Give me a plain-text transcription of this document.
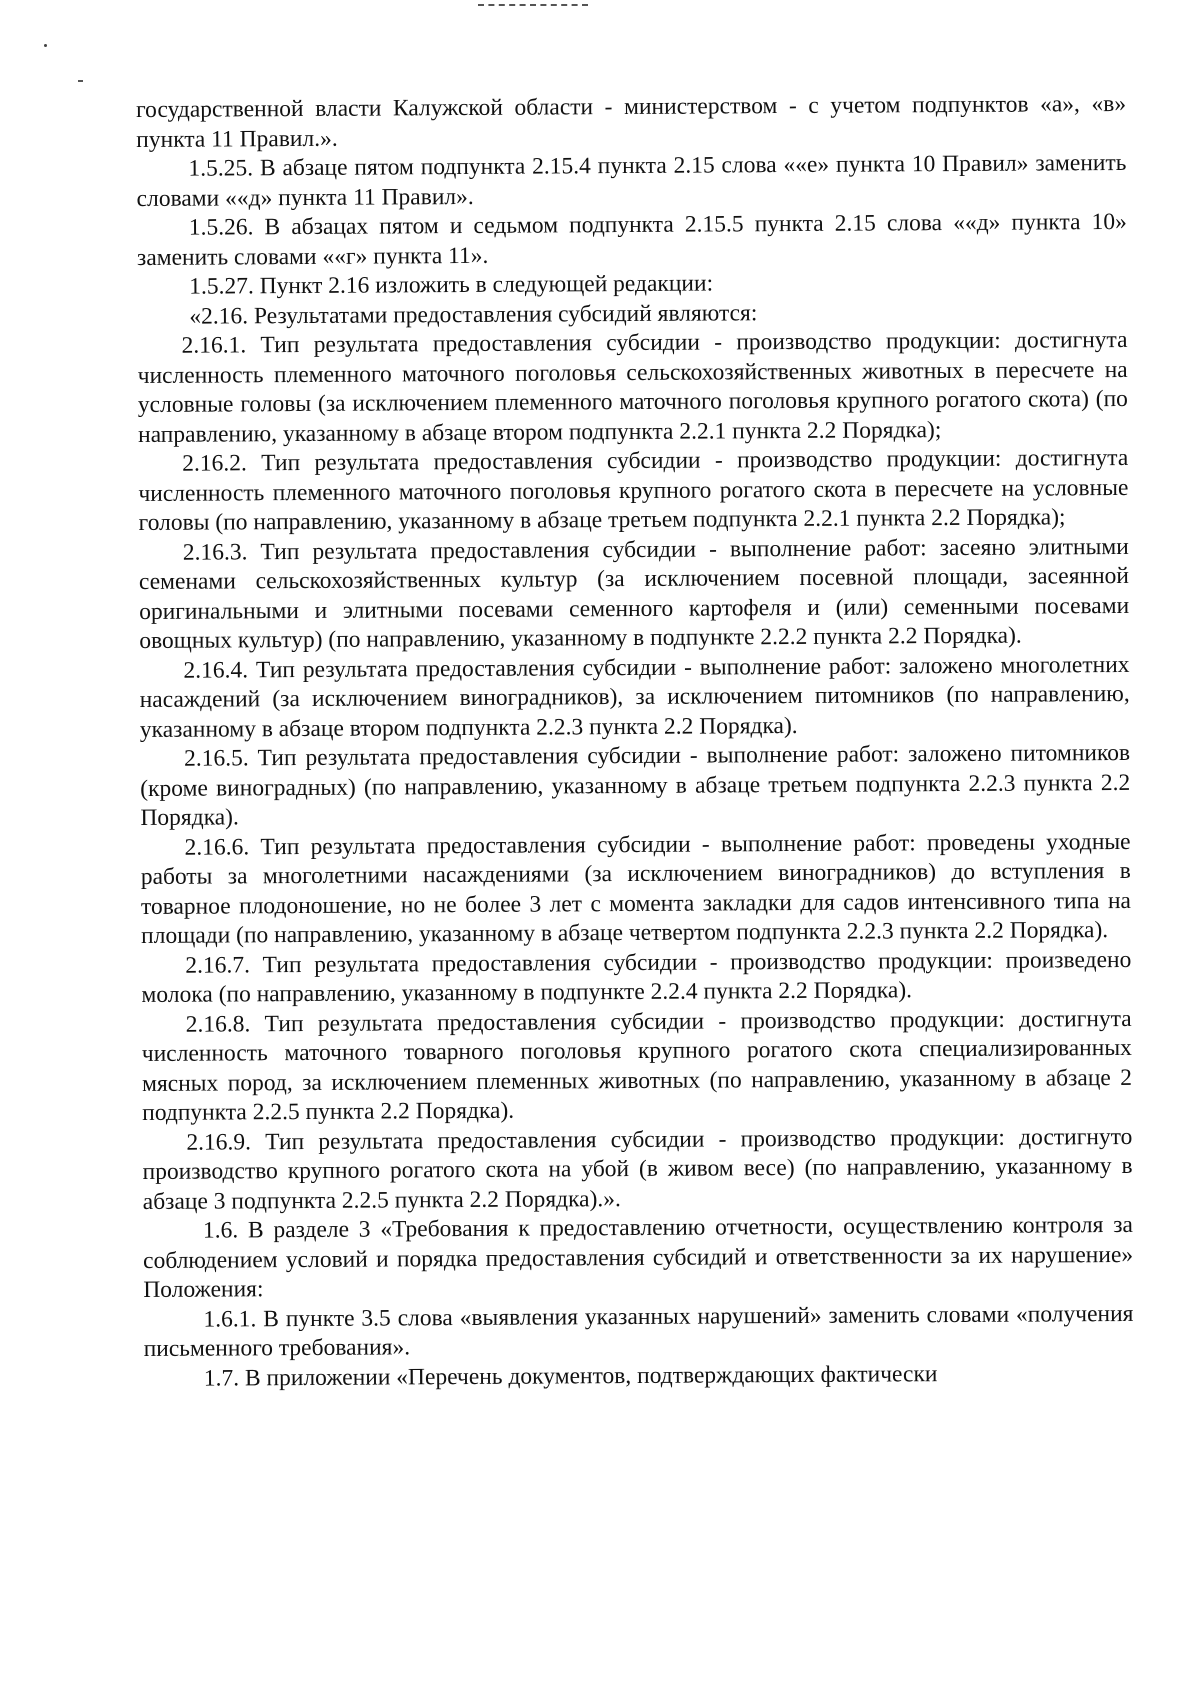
государственной власти Калужской области - министерством - с учетом подпунктов «а», «в» пункта 11 Правил.».

1.5.25. В абзаце пятом подпункта 2.15.4 пункта 2.15 слова ««е» пункта 10 Правил» заменить словами ««д» пункта 11 Правил».

1.5.26. В абзацах пятом и седьмом подпункта 2.15.5 пункта 2.15 слова ««д» пункта 10» заменить словами ««г» пункта 11».

1.5.27. Пункт 2.16 изложить в следующей редакции:

«2.16. Результатами предоставления субсидий являются:

2.16.1. Тип результата предоставления субсидии - производство продукции: достигнута численность племенного маточного поголовья сельскохозяйственных животных в пересчете на условные головы (за исключением племенного маточного поголовья крупного рогатого скота) (по направлению, указанному в абзаце втором подпункта 2.2.1 пункта 2.2 Порядка);

2.16.2. Тип результата предоставления субсидии - производство продукции: достигнута численность племенного маточного поголовья крупного рогатого скота в пересчете на условные головы (по направлению, указанному в абзаце третьем подпункта 2.2.1 пункта 2.2 Порядка);

2.16.3. Тип результата предоставления субсидии - выполнение работ: засеяно элитными семенами сельскохозяйственных культур (за исключением посевной площади, засеянной оригинальными и элитными посевами семенного картофеля и (или) семенными посевами овощных культур) (по направлению, указанному в подпункте 2.2.2 пункта 2.2 Порядка).

2.16.4. Тип результата предоставления субсидии - выполнение работ: заложено многолетних насаждений (за исключением виноградников), за исключением питомников (по направлению, указанному в абзаце втором подпункта 2.2.3 пункта 2.2 Порядка).

2.16.5. Тип результата предоставления субсидии - выполнение работ: заложено питомников (кроме виноградных) (по направлению, указанному в абзаце третьем подпункта 2.2.3 пункта 2.2 Порядка).

2.16.6. Тип результата предоставления субсидии - выполнение работ: проведены уходные работы за многолетними насаждениями (за исключением виноградников) до вступления в товарное плодоношение, но не более 3 лет с момента закладки для садов интенсивного типа на площади (по направлению, указанному в абзаце четвертом подпункта 2.2.3 пункта 2.2 Порядка).

2.16.7. Тип результата предоставления субсидии - производство продукции: произведено молока (по направлению, указанному в подпункте 2.2.4 пункта 2.2 Порядка).

2.16.8. Тип результата предоставления субсидии - производство продукции: достигнута численность маточного товарного поголовья крупного рогатого скота специализированных мясных пород, за исключением племенных животных (по направлению, указанному в абзаце 2 подпункта 2.2.5 пункта 2.2 Порядка).

2.16.9. Тип результата предоставления субсидии - производство продукции: достигнуто производство крупного рогатого скота на убой (в живом весе) (по направлению, указанному в абзаце 3 подпункта 2.2.5 пункта 2.2 Порядка).».

1.6. В разделе 3 «Требования к предоставлению отчетности, осуществлению контроля за соблюдением условий и порядка предоставления субсидий и ответственности за их нарушение» Положения:

1.6.1. В пункте 3.5 слова «выявления указанных нарушений» заменить словами «получения письменного требования».

1.7. В приложении «Перечень документов, подтверждающих фактически
